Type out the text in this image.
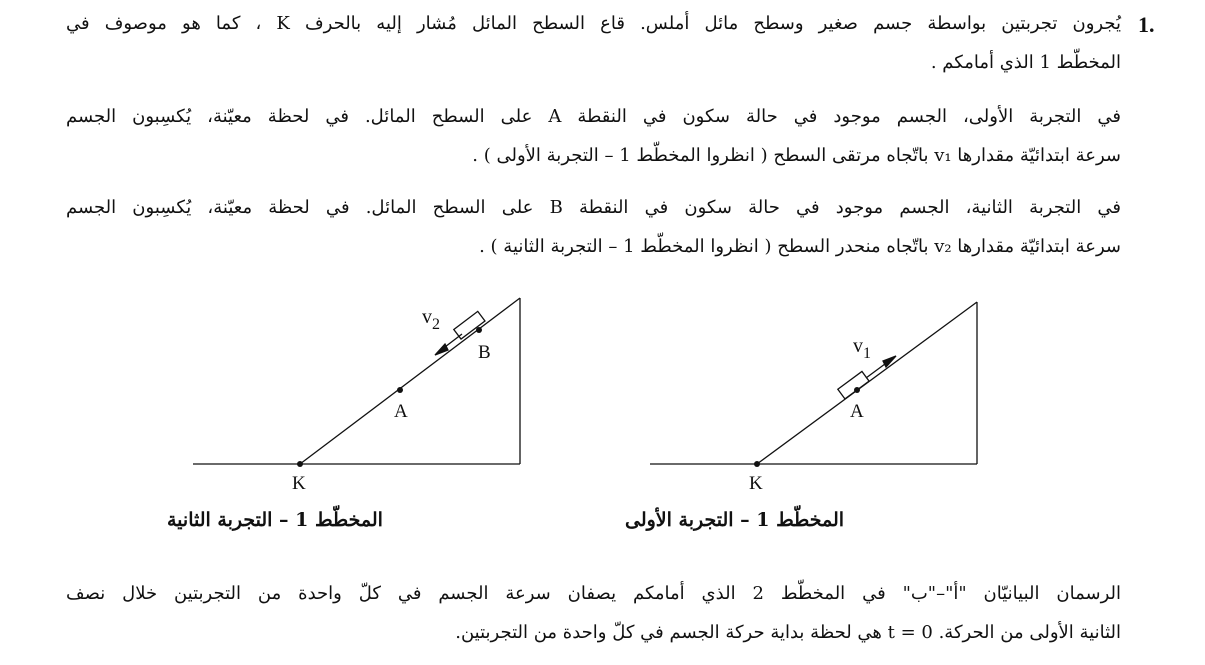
1.
يُجرون تجربتين بواسطة جسم صغير وسطح مائل أملس. قاع السطح المائل مُشار إليه بالحرف K ، كما هو موصوف في
المخطّط 1 الذي أمامكم .
في التجربة الأولى، الجسم موجود في حالة سكون في النقطة A على السطح المائل. في لحظة معيّنة، يُكسِبون الجسم
سرعة ابتدائيّة مقدارها v₁ باتّجاه مرتقى السطح ( انظروا المخطّط 1 – التجربة الأولى ) .
في التجربة الثانية، الجسم موجود في حالة سكون في النقطة B على السطح المائل. في لحظة معيّنة، يُكسِبون الجسم
سرعة ابتدائيّة مقدارها v₂ باتّجاه منحدر السطح ( انظروا المخطّط 1 – التجربة الثانية ) .
$v_2$
B
A
K
$v_1$
A
K
المخطّط 1 – التجربة الثانية	المخطّط 1 – التجربة الأولى
الرسمان البيانيّان "أ"–"ب" في المخطّط 2 الذي أمامكم يصفان سرعة الجسم في كلّ واحدة من التجربتين خلال نصف
الثانية الأولى من الحركة. t = 0 هي لحظة بداية حركة الجسم في كلّ واحدة من التجربتين.
